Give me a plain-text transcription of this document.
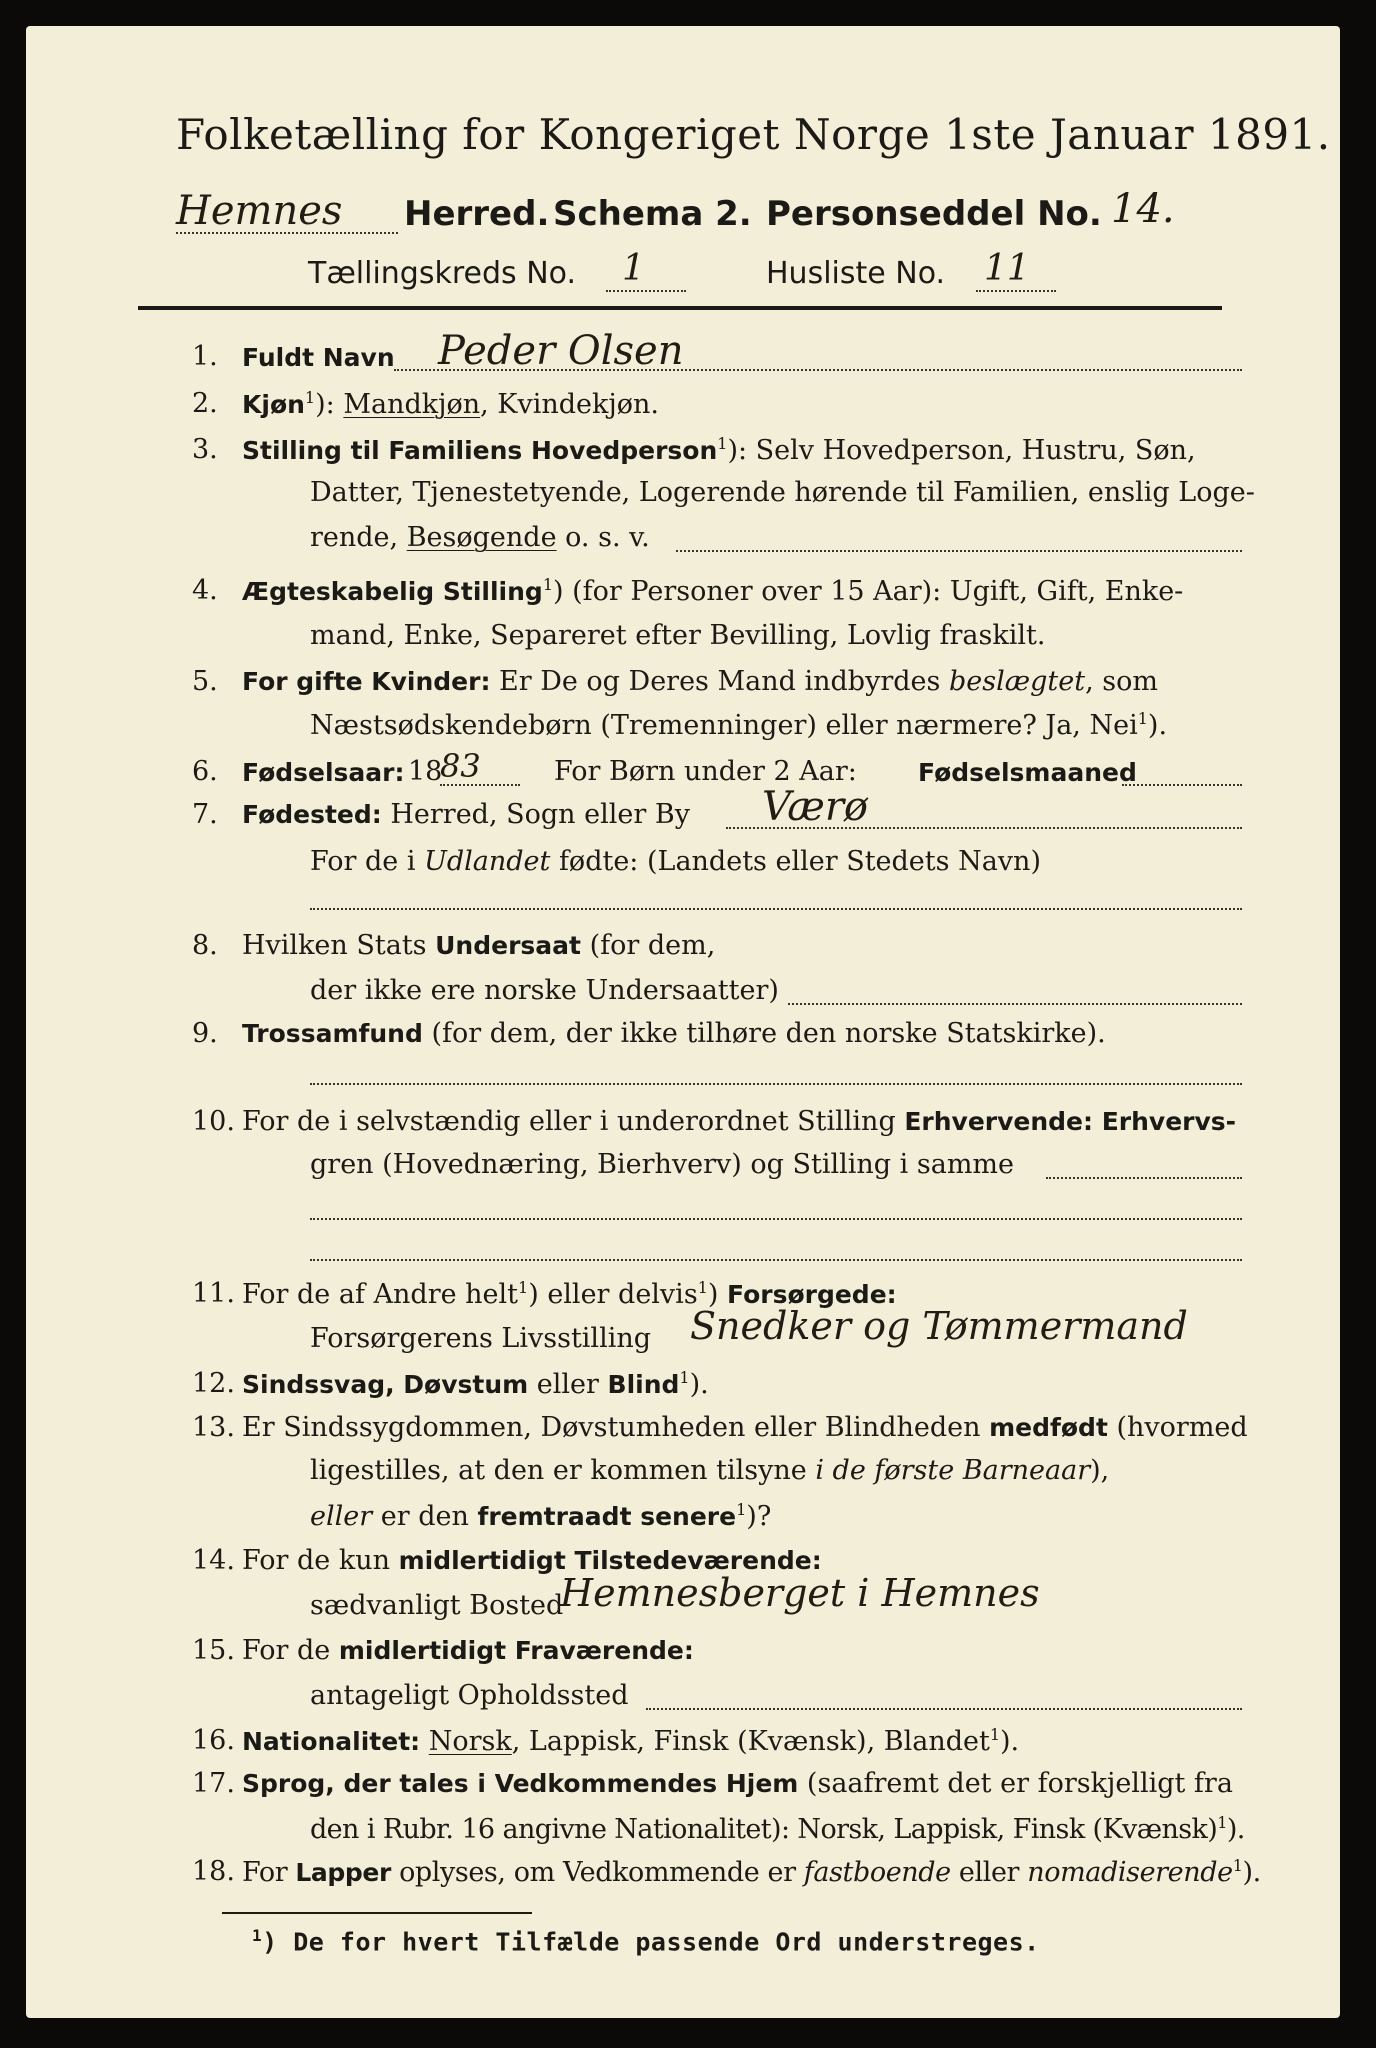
Folketælling for Kongeriget Norge 1ste Januar 1891.
Hemnes Herred. Schema 2. Personseddel No. 14.
Tællingskreds No. 1	Husliste No. 11
1. Fuldt Navn Peder Olsen
2. Kjøn$^1$): Mandkjøn, Kvindekjøn.
3. Stilling til Familiens Hovedperson$^1$): Selv Hovedperson, Hustru, Søn,
Datter, Tjenestetyende, Logerende hørende til Familien, enslig Loge-
rende, Besøgende o. s. v.
4. Ægteskabelig Stilling$^1$) (for Personer over 15 Aar): Ugift, Gift, Enke-
mand, Enke, Separeret efter Bevilling, Lovlig fraskilt.
5. For gifte Kvinder: Er De og Deres Mand indbyrdes beslægtet, som
Næstsødskendebørn (Tremenninger) eller nærmere? Ja, Nei$^1$).
6. Fødselsaar: 18
83	For Børn under 2 Aar: Fødselsmaaned
7. Fødested: Herred, Sogn eller By Værø
For de i Udlandet fødte: (Landets eller Stedets Navn)
8. Hvilken Stats Undersaat (for dem,
der ikke ere norske Undersaatter)
9. Trossamfund (for dem, der ikke tilhøre den norske Statskirke).
10. For de i selvstændig eller i underordnet Stilling Erhvervende: Erhvervs-
gren (Hovednæring, Bierhverv) og Stilling i samme
11. For de af Andre helt$^1$) eller delvis$^1$) Forsørgede:
Forsørgerens Livsstilling Snedker og Tømmermand
12. Sindssvag, Døvstum eller Blind$^1$).
13. Er Sindssygdommen, Døvstumheden eller Blindheden medfødt (hvormed
ligestilles, at den er kommen tilsyne i de første Barneaar),
eller er den fremtraadt senere$^1$)?
14. For de kun midlertidigt Tilstedeværende:
sædvanligt Bosted
Hemnesberget i Hemnes
15. For de midlertidigt Fraværende:
antageligt Opholdssted
16. Nationalitet: Norsk, Lappisk, Finsk (Kvænsk), Blandet$^1$).
17. Sprog, der tales i Vedkommendes Hjem (saafremt det er forskjelligt fra
den i Rubr. 16 angivne Nationalitet): Norsk, Lappisk, Finsk (Kvænsk)$^1$).
18. For Lapper oplyses, om Vedkommende er fastboende eller nomadiserende$^1$).
$^1$) De for hvert Tilfælde passende Ord understreges.
